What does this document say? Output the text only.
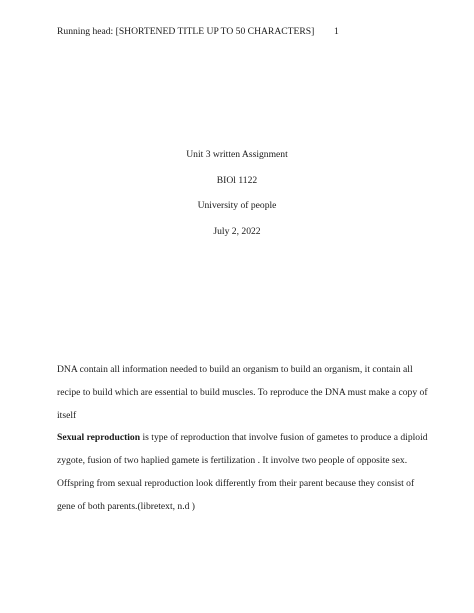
Running head: [SHORTENED TITLE UP TO 50 CHARACTERS]	1
Unit 3 written Assignment
BIOl 1122
University of people
July 2, 2022
DNA contain all information needed to build an organism to build an organism, it contain all
recipe to build which are essential to build muscles. To reproduce the DNA must make a copy of
itself
Sexual reproduction is type of reproduction that involve fusion of gametes to produce a diploid
zygote, fusion of two haplied gamete is fertilization . It involve two people of opposite sex.
Offspring from sexual reproduction look differently from their parent because they consist of
gene of both parents.(libretext, n.d )
